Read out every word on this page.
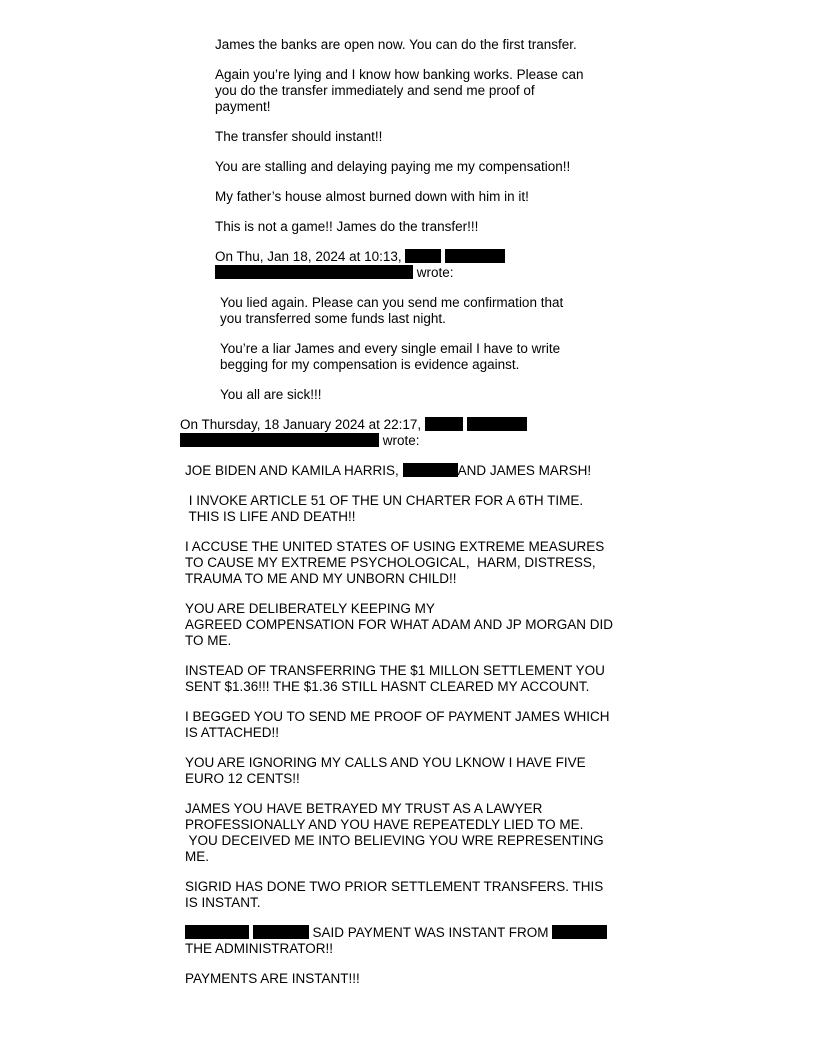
James the banks are open now. You can do the first transfer.

Again you’re lying and I know how banking works. Please can
you do the transfer immediately and send me proof of
payment!

The transfer should instant!!

You are stalling and delaying paying me my compensation!!

My father’s house almost burned down with him in it!

This is not a game!! James do the transfer!!!

On Thu, Jan 18, 2024 at 10:13,
wrote:

You lied again. Please can you send me confirmation that
you transferred some funds last night.

You’re a liar James and every single email I have to write
begging for my compensation is evidence against.

You all are sick!!!

On Thursday, 18 January 2024 at 22:17,
wrote:

JOE BIDEN AND KAMILA HARRIS,	AND JAMES MARSH!

I INVOKE ARTICLE 51 OF THE UN CHARTER FOR A 6TH TIME.
THIS IS LIFE AND DEATH!!

I ACCUSE THE UNITED STATES OF USING EXTREME MEASURES
TO CAUSE MY EXTREME PSYCHOLOGICAL,  HARM, DISTRESS,
TRAUMA TO ME AND MY UNBORN CHILD!!

YOU ARE DELIBERATELY KEEPING MY
AGREED COMPENSATION FOR WHAT ADAM AND JP MORGAN DID
TO ME.

INSTEAD OF TRANSFERRING THE $1 MILLON SETTLEMENT YOU
SENT $1.36!!! THE $1.36 STILL HASNT CLEARED MY ACCOUNT.

I BEGGED YOU TO SEND ME PROOF OF PAYMENT JAMES WHICH
IS ATTACHED!!

YOU ARE IGNORING MY CALLS AND YOU LKNOW I HAVE FIVE
EURO 12 CENTS!!

JAMES YOU HAVE BETRAYED MY TRUST AS A LAWYER
PROFESSIONALLY AND YOU HAVE REPEATEDLY LIED TO ME.
YOU DECEIVED ME INTO BELIEVING YOU WRE REPRESENTING
ME.

SIGRID HAS DONE TWO PRIOR SETTLEMENT TRANSFERS. THIS
IS INSTANT.

SAID PAYMENT WAS INSTANT FROM
THE ADMINISTRATOR!!

PAYMENTS ARE INSTANT!!!
